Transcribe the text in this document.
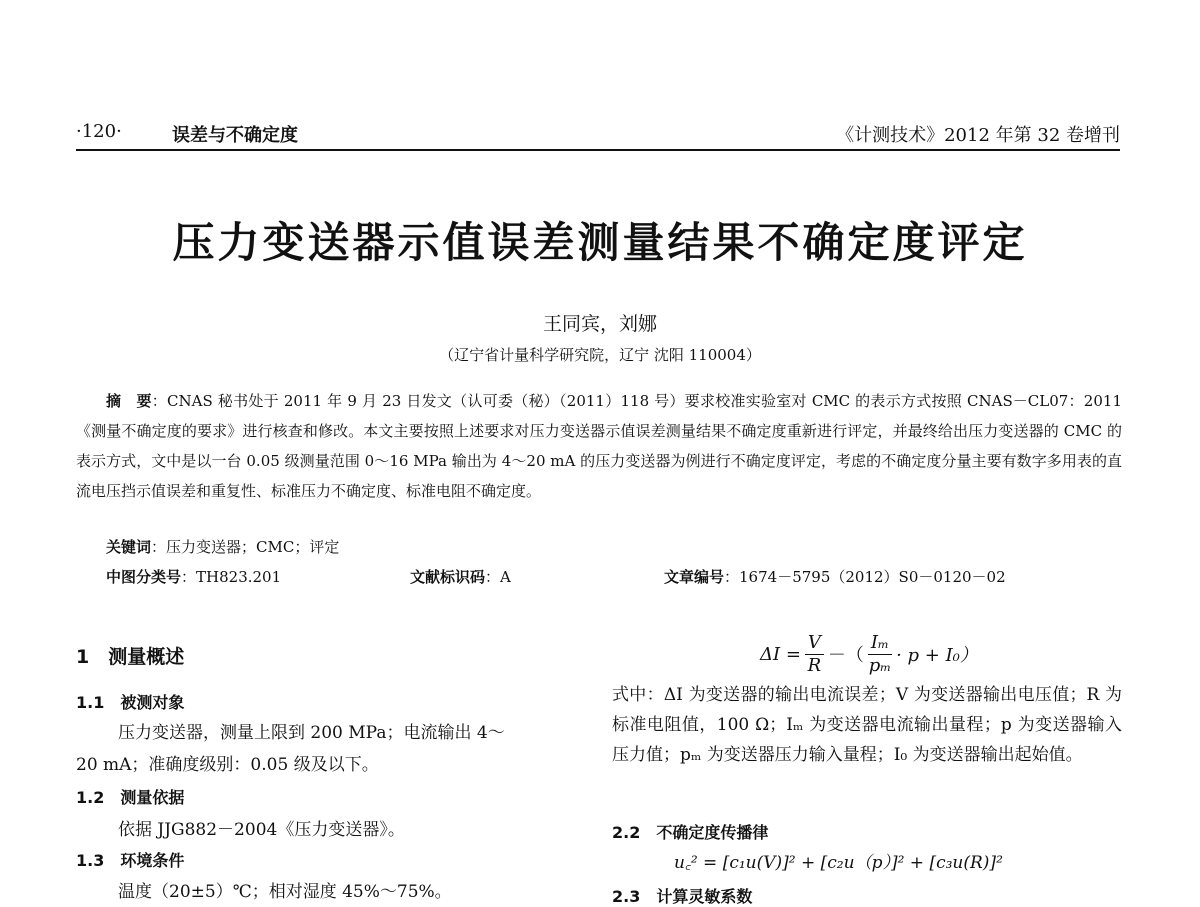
·120·	误差与不确定度	《计测技术》2012 年第 32 卷增刊
压力变送器示值误差测量结果不确定度评定
王同宾，刘娜
（辽宁省计量科学研究院，辽宁 沈阳 110004）

摘　要：CNAS 秘书处于 2011 年 9 月 23 日发文（认可委（秘）（2011）118 号）要求校准实验室对 CMC 的表示方式按照 CNAS－CL07：2011《测量不确定度的要求》进行核查和修改。本文主要按照上述要求对压力变送器示值误差测量结果不确定度重新进行评定，并最终给出压力变送器的 CMC 的表示方式，文中是以一台 0.05 级测量范围 0～16 MPa 输出为 4～20 mA 的压力变送器为例进行不确定度评定，考虑的不确定度分量主要有数字多用表的直流电压挡示值误差和重复性、标准压力不确定度、标准电阻不确定度。

关键词：压力变送器；CMC；评定
中图分类号：TH823.201	文献标识码：A	文章编号：1674－5795（2012）S0－0120－02
1　测量概述
1.1　被测对象
压力变送器，测量上限到 200 MPa；电流输出 4～
20 mA；准确度级别：0.05 级及以下。
1.2　测量依据
依据 JJG882－2004《压力变送器》。
1.3　环境条件
温度（20±5）℃；相对湿度 45%～75%。
$\Delta I = \frac{V}{R}$ －（ $\frac{\text{Iₘ}}{\text{pₘ}} \cdot p + I_0$）

式中：ΔI 为变送器的输出电流误差；V 为变送器输出电压值；R 为标准电阻值，100 Ω；Iₘ 为变送器电流输出量程；p 为变送器输入压力值；pₘ 为变送器压力输入量程；I₀ 为变送器输出起始值。

2.2　不确定度传播律
u꜀² = [c₁u(V)]² + [c₂u（p）]² + [c₃u(R)]²
2.3　计算灵敏系数
